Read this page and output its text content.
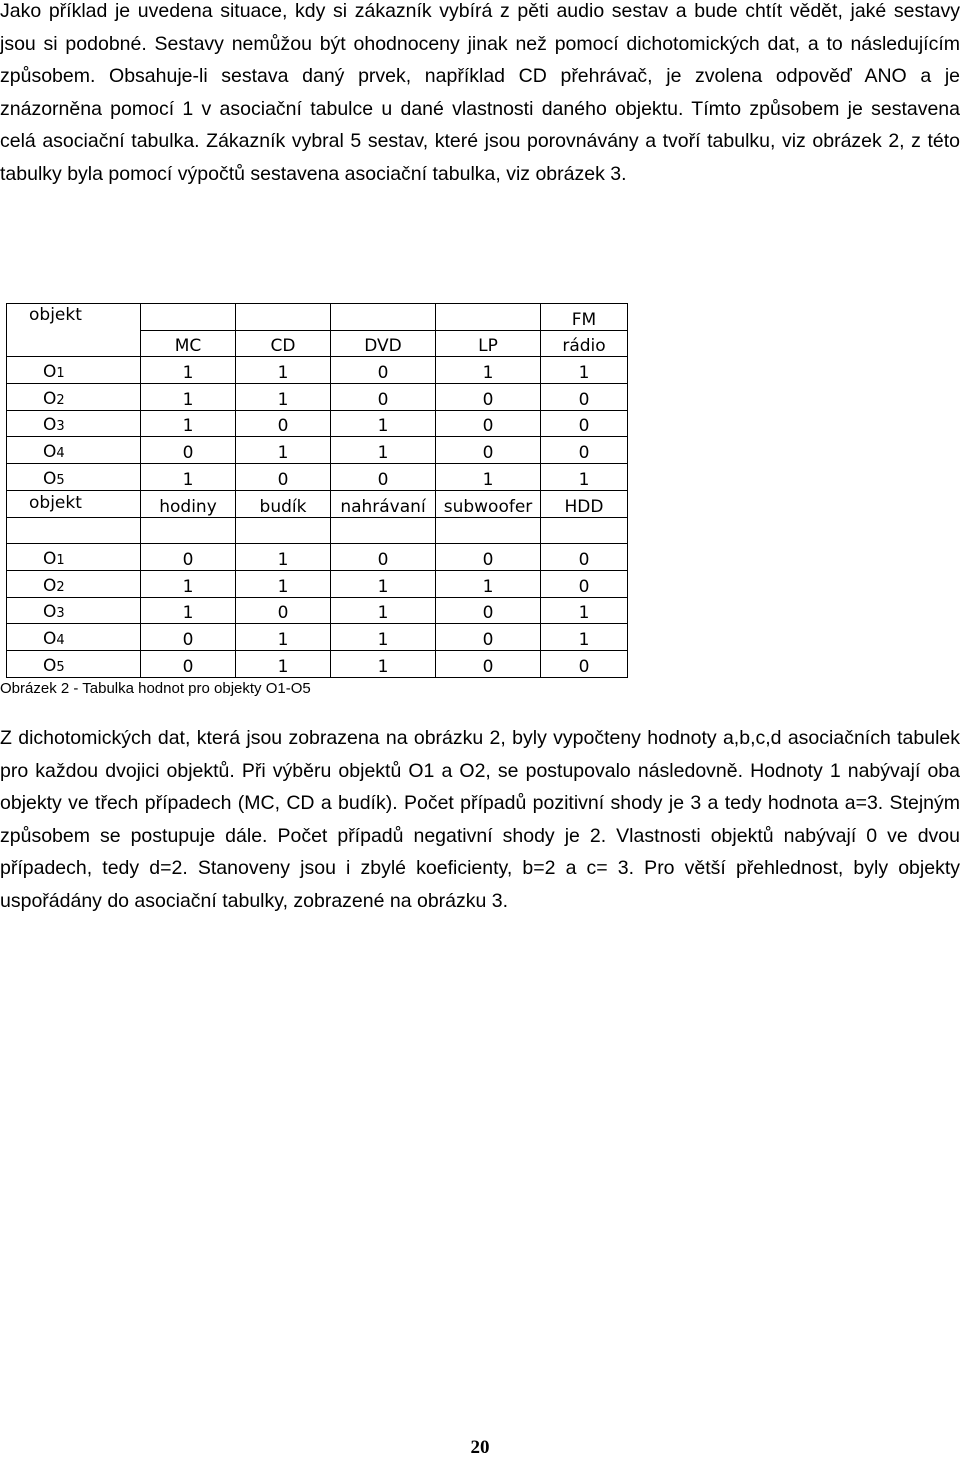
Jako příklad je uvedena situace, kdy si zákazník vybírá z pěti audio sestav a bude chtít vědět, jaké sestavy jsou si podobné. Sestavy nemůžou být ohodnoceny jinak než pomocí dichotomických dat, a to následujícím způsobem. Obsahuje-li sestava daný prvek, například CD přehrávač, je zvolena odpověď ANO a je znázorněna pomocí 1 v asociační tabulce u dané vlastnosti daného objektu. Tímto způsobem je sestavena celá asociační tabulka. Zákazník vybral 5 sestav, které jsou porovnávány a tvoří tabulku, viz obrázek 2, z této tabulky byla pomocí výpočtů sestavena asociační tabulka, viz obrázek 3.

objekt					FM
	MC	CD	DVD	LP	rádio
O1	1	1	0	1	1
O2	1	1	0	0	0
O3	1	0	1	0	0
O4	0	1	1	0	0
O5	1	0	0	1	1
objekt	hodiny	budík	nahrávaní	subwoofer	HDD

O1	0	1	0	0	0
O2	1	1	1	1	0
O3	1	0	1	0	1
O4	0	1	1	0	1
O5	0	1	1	0	0
Obrázek 2 - Tabulka hodnot pro objekty O1-O5

Z dichotomických dat, která jsou zobrazena na obrázku 2, byly vypočteny hodnoty a,b,c,d asociačních tabulek pro každou dvojici objektů. Při výběru objektů O1 a O2, se postupovalo následovně. Hodnoty 1 nabývají oba objekty ve třech případech (MC, CD a budík). Počet případů pozitivní shody je 3 a tedy hodnota a=3. Stejným způsobem se postupuje dále. Počet případů negativní shody je 2. Vlastnosti objektů nabývají 0 ve dvou případech, tedy d=2. Stanoveny jsou i zbylé koeficienty, b=2 a c= 3. Pro větší přehlednost, byly objekty uspořádány do asociační tabulky, zobrazené na obrázku 3.

20
